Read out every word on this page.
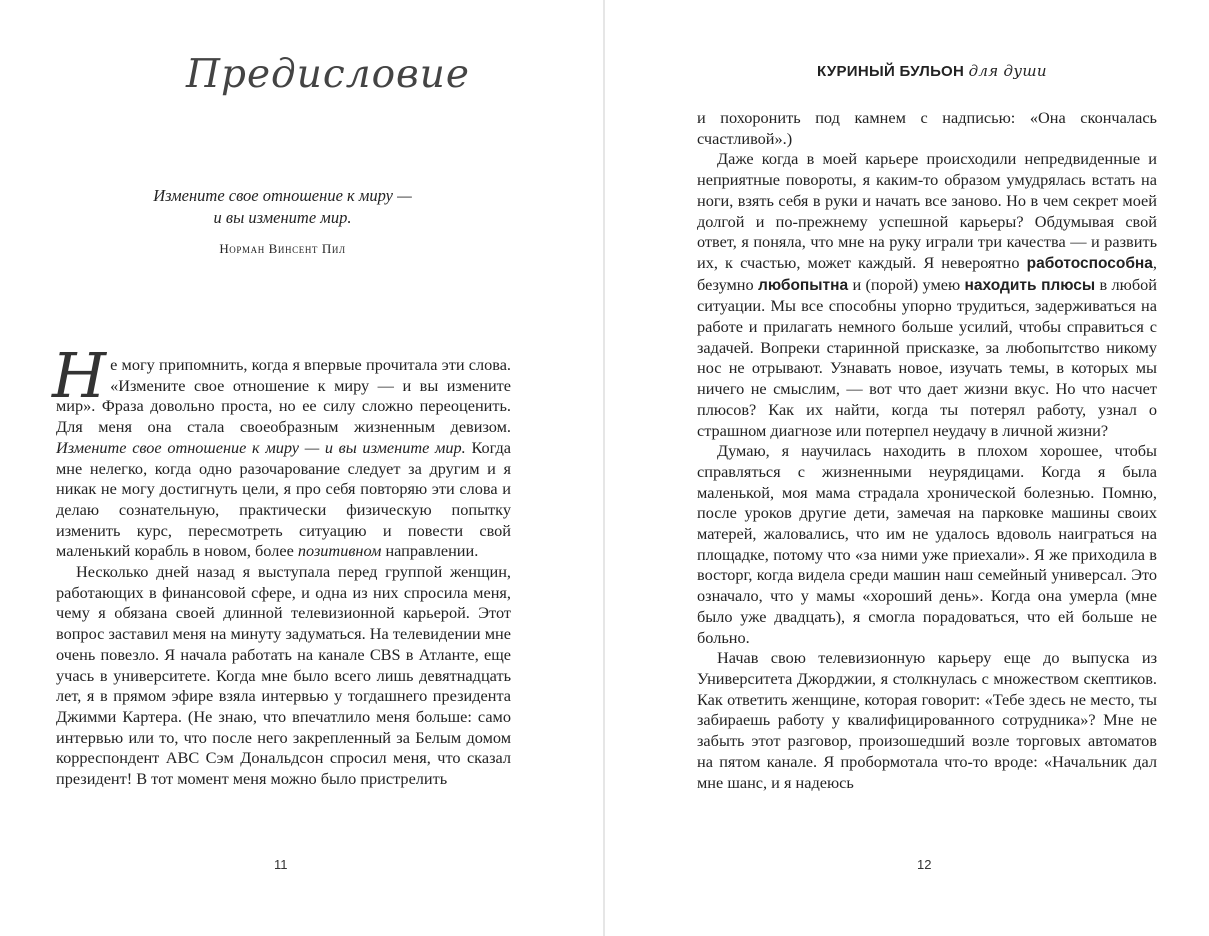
Предисловие
Измените свое отношение к миру —
и вы измените мир.
Норман Винсент Пил

Не могу припомнить, когда я впервые прочитала эти слова. «Измените свое отношение к миру — и вы измените мир». Фраза довольно проста, но ее силу сложно переоценить. Для меня она стала своеобразным жизненным девизом. Измените свое отношение к миру — и вы измените мир. Когда мне нелегко, когда одно разочарование следует за другим и я никак не могу достигнуть цели, я про себя повторяю эти слова и делаю сознательную, практически физическую попытку изменить курс, пересмотреть ситуацию и повести свой маленький корабль в новом, более позитивном направлении.

Несколько дней назад я выступала перед группой женщин, работающих в финансовой сфере, и одна из них спросила меня, чему я обязана своей длинной телевизионной карьерой. Этот вопрос заставил меня на минуту задуматься. На телевидении мне очень повезло. Я начала работать на канале CBS в Атланте, еще учась в университете. Когда мне было всего лишь девятнадцать лет, я в прямом эфире взяла интервью у тогдашнего президента Джимми Картера. (Не знаю, что впечатлило меня больше: само интервью или то, что после него закрепленный за Белым домом корреспондент ABC Сэм Дональдсон спросил меня, что сказал президент! В тот момент меня можно было пристрелить

11
КУРИНЫЙ БУЛЬОН для души

и похоронить под камнем с надписью: «Она скончалась счастливой».)

Даже когда в моей карьере происходили непредвиденные и неприятные повороты, я каким-то образом умудрялась встать на ноги, взять себя в руки и начать все заново. Но в чем секрет моей долгой и по-прежнему успешной карьеры? Обдумывая свой ответ, я поняла, что мне на руку играли три качества — и развить их, к счастью, может каждый. Я невероятно работоспособна, безумно любопытна и (порой) умею находить плюсы в любой ситуации. Мы все способны упорно трудиться, задерживаться на работе и прилагать немного больше усилий, чтобы справиться с задачей. Вопреки старинной присказке, за любопытство никому нос не отрывают. Узнавать новое, изучать темы, в которых мы ничего не смыслим, — вот что дает жизни вкус. Но что насчет плюсов? Как их найти, когда ты потерял работу, узнал о страшном диагнозе или потерпел неудачу в личной жизни?

Думаю, я научилась находить в плохом хорошее, чтобы справляться с жизненными неурядицами. Когда я была маленькой, моя мама страдала хронической болезнью. Помню, после уроков другие дети, замечая на парковке машины своих матерей, жаловались, что им не удалось вдоволь наиграться на площадке, потому что «за ними уже приехали». Я же приходила в восторг, когда видела среди машин наш семейный универсал. Это означало, что у мамы «хороший день». Когда она умерла (мне было уже двадцать), я смогла порадоваться, что ей больше не больно.

Начав свою телевизионную карьеру еще до выпуска из Университета Джорджии, я столкнулась с множеством скептиков. Как ответить женщине, которая говорит: «Тебе здесь не место, ты забираешь работу у квалифицированного сотрудника»? Мне не забыть этот разговор, произошедший возле торговых автоматов на пятом канале. Я пробормотала что-то вроде: «Начальник дал мне шанс, и я надеюсь

12
